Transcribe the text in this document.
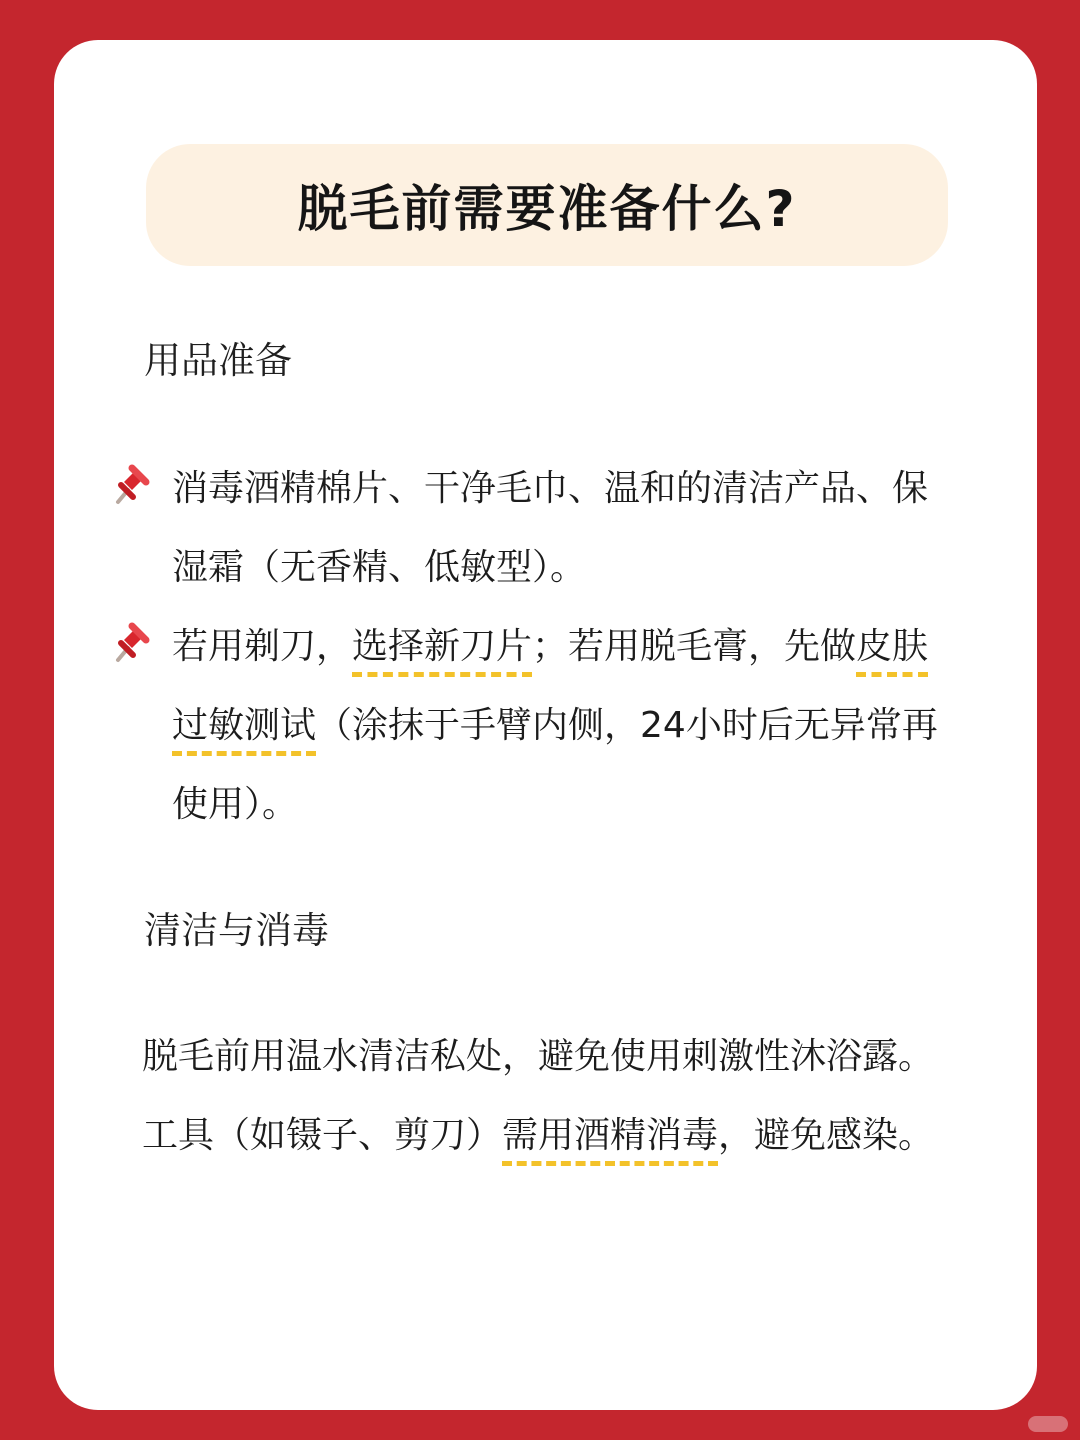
脱毛前需要准备什么?
用品准备
消毒酒精棉片、干净毛巾、温和的清洁产品、保
湿霜（无香精、低敏型）。
若用剃刀，选择新刀片；若用脱毛膏，先做皮肤
过敏测试（涂抹于手臂内侧，24小时后无异常再
使用）。
清洁与消毒
脱毛前用温水清洁私处，避免使用刺激性沐浴露。
工具（如镊子、剪刀）需用酒精消毒，避免感染。
